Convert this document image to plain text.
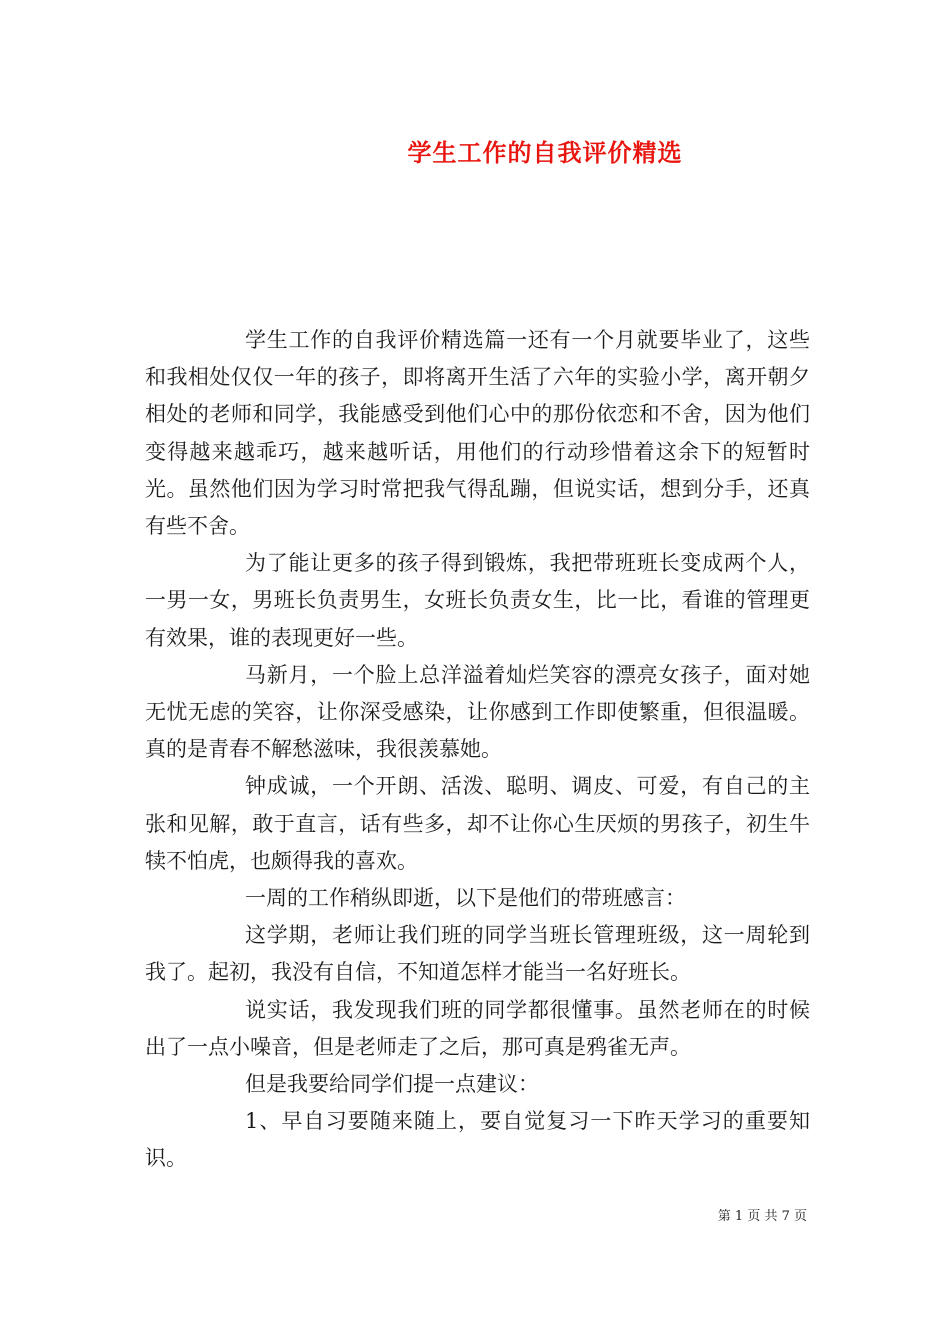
学生工作的自我评价精选

学生工作的自我评价精选篇一还有一个月就要毕业了，这些和我相处仅仅一年的孩子，即将离开生活了六年的实验小学，离开朝夕相处的老师和同学，我能感受到他们心中的那份依恋和不舍，因为他们变得越来越乖巧，越来越听话，用他们的行动珍惜着这余下的短暂时光。虽然他们因为学习时常把我气得乱蹦，但说实话，想到分手，还真有些不舍。

为了能让更多的孩子得到锻炼，我把带班班长变成两个人，一男一女，男班长负责男生，女班长负责女生，比一比，看谁的管理更有效果，谁的表现更好一些。

马新月，一个脸上总洋溢着灿烂笑容的漂亮女孩子，面对她无忧无虑的笑容，让你深受感染，让你感到工作即使繁重，但很温暖。真的是青春不解愁滋味，我很羡慕她。

钟成诚，一个开朗、活泼、聪明、调皮、可爱，有自己的主张和见解，敢于直言，话有些多，却不让你心生厌烦的男孩子，初生牛犊不怕虎，也颇得我的喜欢。

一周的工作稍纵即逝，以下是他们的带班感言：

这学期，老师让我们班的同学当班长管理班级，这一周轮到我了。起初，我没有自信，不知道怎样才能当一名好班长。

说实话，我发现我们班的同学都很懂事。虽然老师在的时候出了一点小噪音，但是老师走了之后，那可真是鸦雀无声。

但是我要给同学们提一点建议：

1、早自习要随来随上，要自觉复习一下昨天学习的重要知识。

第 1 页 共 7 页
